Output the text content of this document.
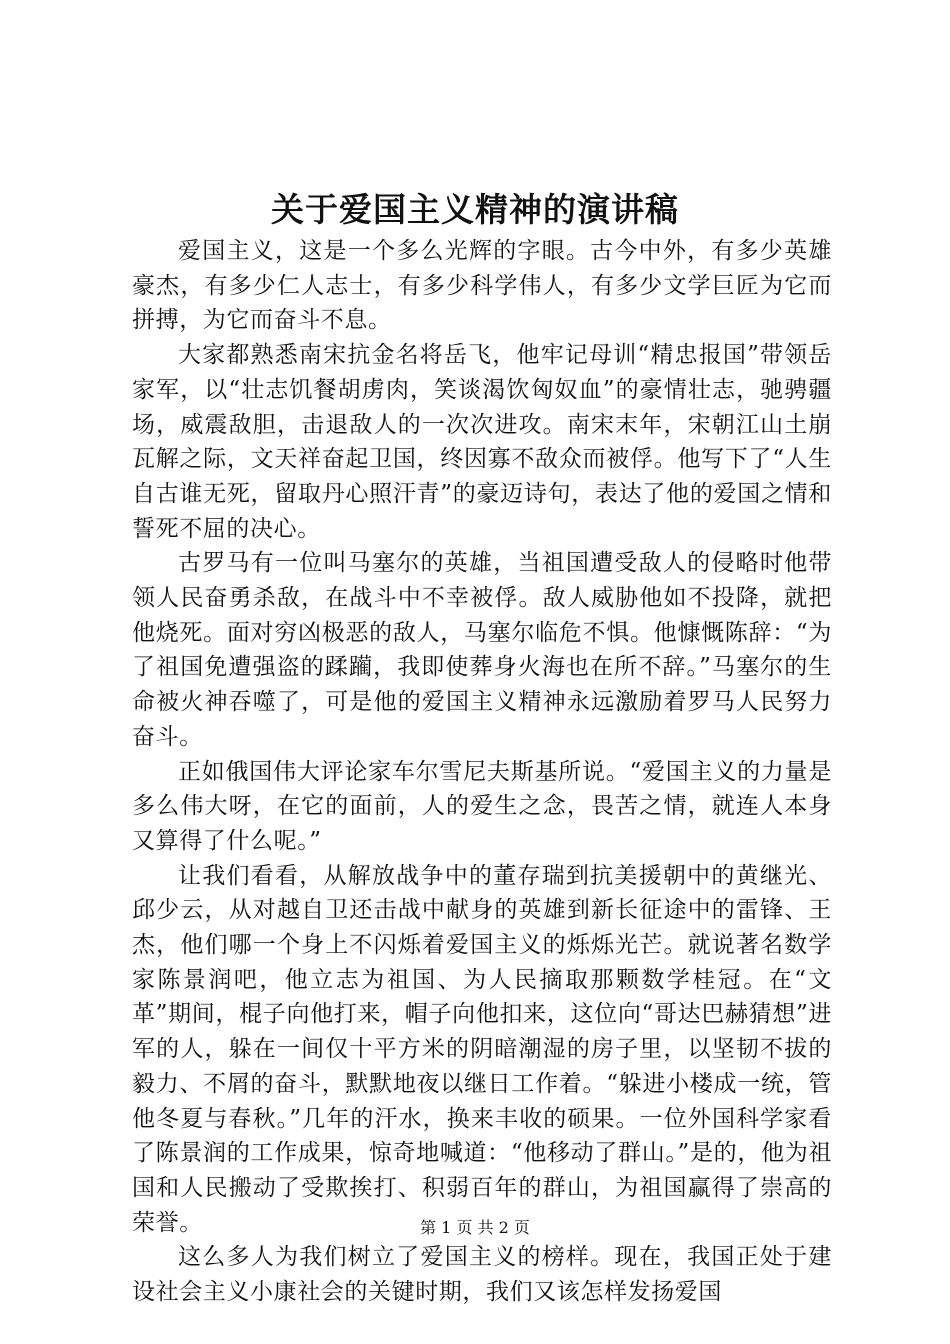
关于爱国主义精神的演讲稿

爱国主义，这是一个多么光辉的字眼。古今中外，有多少英雄豪杰，有多少仁人志士，有多少科学伟人，有多少文学巨匠为它而拼搏，为它而奋斗不息。

大家都熟悉南宋抗金名将岳飞，他牢记母训“精忠报国”带领岳家军，以“壮志饥餐胡虏肉，笑谈渴饮匈奴血”的豪情壮志，驰骋疆场，威震敌胆，击退敌人的一次次进攻。南宋末年，宋朝江山土崩瓦解之际，文天祥奋起卫国，终因寡不敌众而被俘。他写下了“人生自古谁无死，留取丹心照汗青”的豪迈诗句，表达了他的爱国之情和誓死不屈的决心。

古罗马有一位叫马塞尔的英雄，当祖国遭受敌人的侵略时他带领人民奋勇杀敌，在战斗中不幸被俘。敌人威胁他如不投降，就把他烧死。面对穷凶极恶的敌人，马塞尔临危不惧。他慷慨陈辞：“为了祖国免遭强盗的蹂躏，我即使葬身火海也在所不辞。”马塞尔的生命被火神吞噬了，可是他的爱国主义精神永远激励着罗马人民努力奋斗。

正如俄国伟大评论家车尔雪尼夫斯基所说。“爱国主义的力量是多么伟大呀，在它的面前，人的爱生之念，畏苦之情，就连人本身又算得了什么呢。”

让我们看看，从解放战争中的董存瑞到抗美援朝中的黄继光、邱少云，从对越自卫还击战中献身的英雄到新长征途中的雷锋、王杰，他们哪一个身上不闪烁着爱国主义的烁烁光芒。就说著名数学家陈景润吧，他立志为祖国、为人民摘取那颗数学桂冠。在“文革”期间，棍子向他打来，帽子向他扣来，这位向“哥达巴赫猜想”进军的人，躲在一间仅十平方米的阴暗潮湿的房子里，以坚韧不拔的毅力、不屑的奋斗，默默地夜以继日工作着。“躲进小楼成一统，管他冬夏与春秋。”几年的汗水，换来丰收的硕果。一位外国科学家看了陈景润的工作成果，惊奇地喊道：“他移动了群山。”是的，他为祖国和人民搬动了受欺挨打、积弱百年的群山，为祖国赢得了崇高的荣誉。

这么多人为我们树立了爱国主义的榜样。现在，我国正处于建设社会主义小康社会的关键时期，我们又该怎样发扬爱国

第 1 页 共 2 页
